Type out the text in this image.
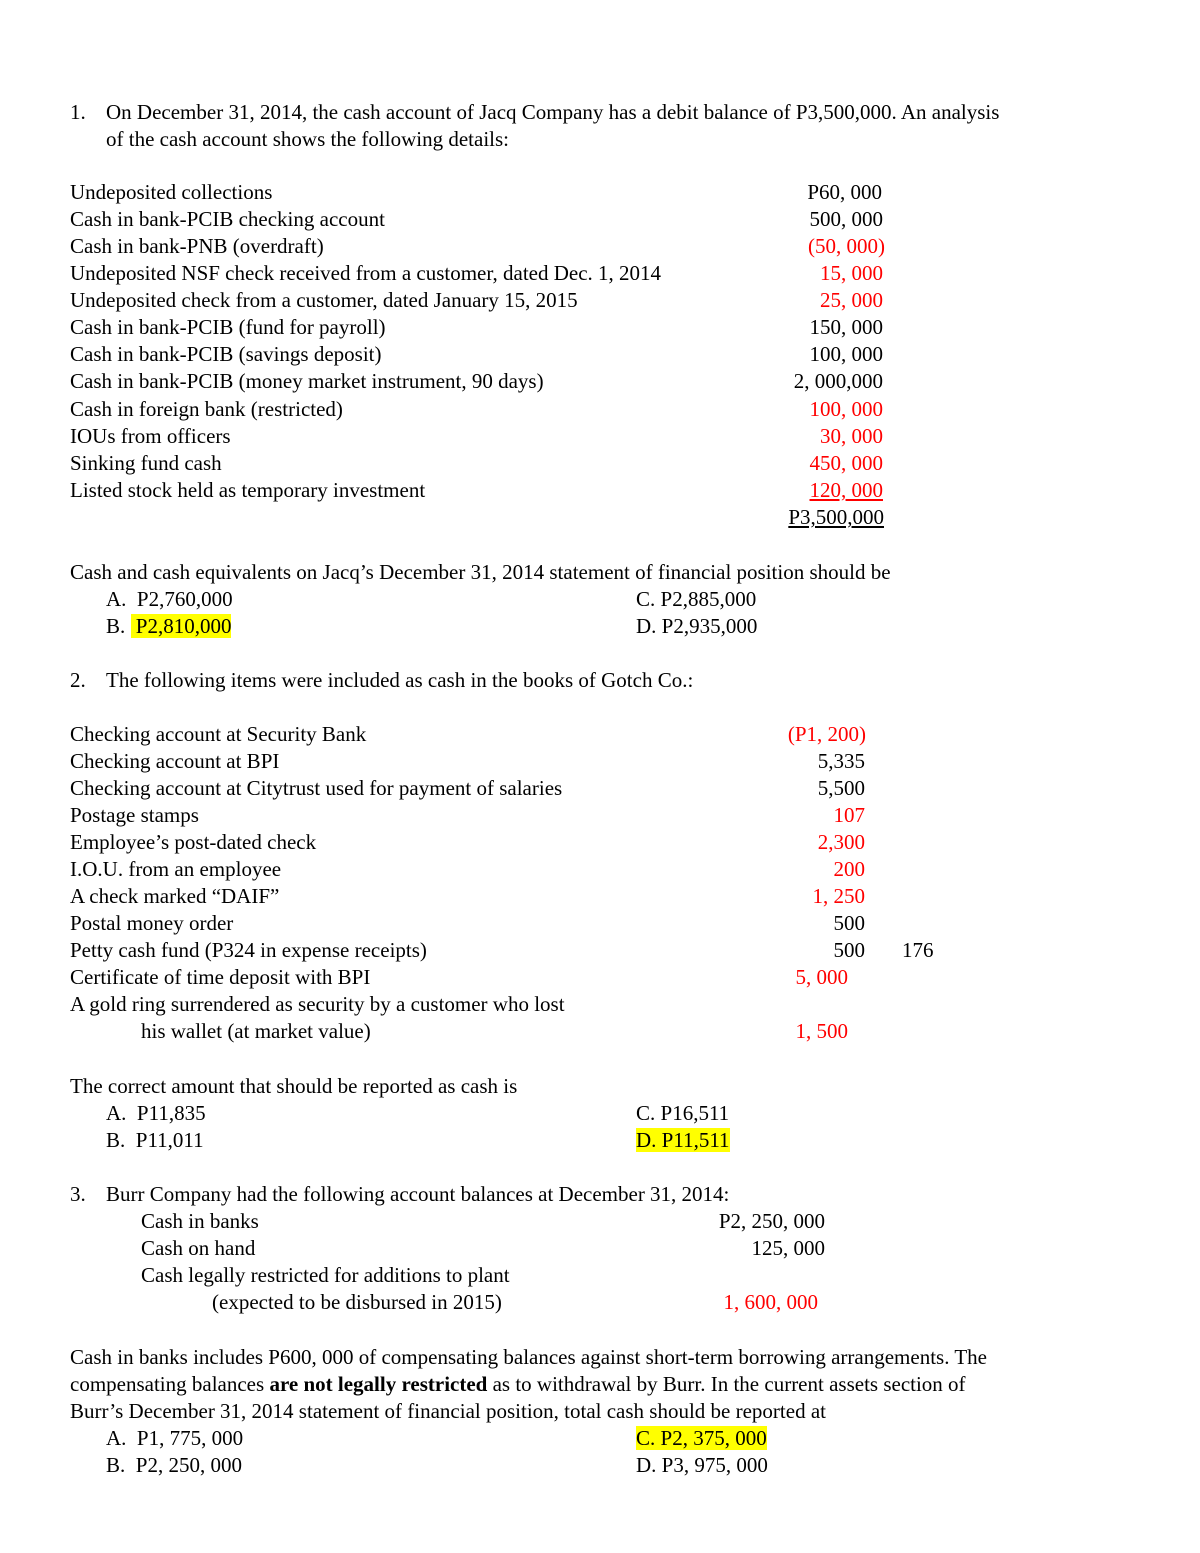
1. On December 31, 2014, the cash account of Jacq Company has a debit balance of P3,500,000. An analysis
of the cash account shows the following details:
Undeposited collections	P60, 000
Cash in bank-PCIB checking account	500, 000
Cash in bank-PNB (overdraft)	(50, 000)
Undeposited NSF check received from a customer, dated Dec. 1, 2014	15, 000
Undeposited check from a customer, dated January 15, 2015	25, 000
Cash in bank-PCIB (fund for payroll)	150, 000
Cash in bank-PCIB (savings deposit)	100, 000
Cash in bank-PCIB (money market instrument, 90 days)	2, 000,000
Cash in foreign bank (restricted)	100, 000
IOUs from officers	30, 000
Sinking fund cash	450, 000
Listed stock held as temporary investment	120, 000
P3,500,000
Cash and cash equivalents on Jacq’s December 31, 2014 statement of financial position should be
A. P2,760,000
B. P2,810,000
C. P2,885,000
D. P2,935,000
2. The following items were included as cash in the books of Gotch Co.:
Checking account at Security Bank	(P1, 200)
Checking account at BPI	5,335
Checking account at Citytrust used for payment of salaries	5,500
Postage stamps	107
Employee’s post-dated check	2,300
I.O.U. from an employee	200
A check marked “DAIF”	1, 250
Postal money order	500
Petty cash fund (P324 in expense receipts)	500 176
Certificate of time deposit with BPI	5, 000
A gold ring surrendered as security by a customer who lost
his wallet (at market value)	1, 500
The correct amount that should be reported as cash is
A. P11,835
B. P11,011
C. P16,511
D. P11,511
3. Burr Company had the following account balances at December 31, 2014:
Cash in banks	P2, 250, 000
Cash on hand	125, 000
Cash legally restricted for additions to plant
(expected to be disbursed in 2015)	1, 600, 000
Cash in banks includes P600, 000 of compensating balances against short-term borrowing arrangements. The
compensating balances are not legally restricted as to withdrawal by Burr. In the current assets section of
Burr’s December 31, 2014 statement of financial position, total cash should be reported at
A. P1, 775, 000
B. P2, 250, 000
C. P2, 375, 000
D. P3, 975, 000
